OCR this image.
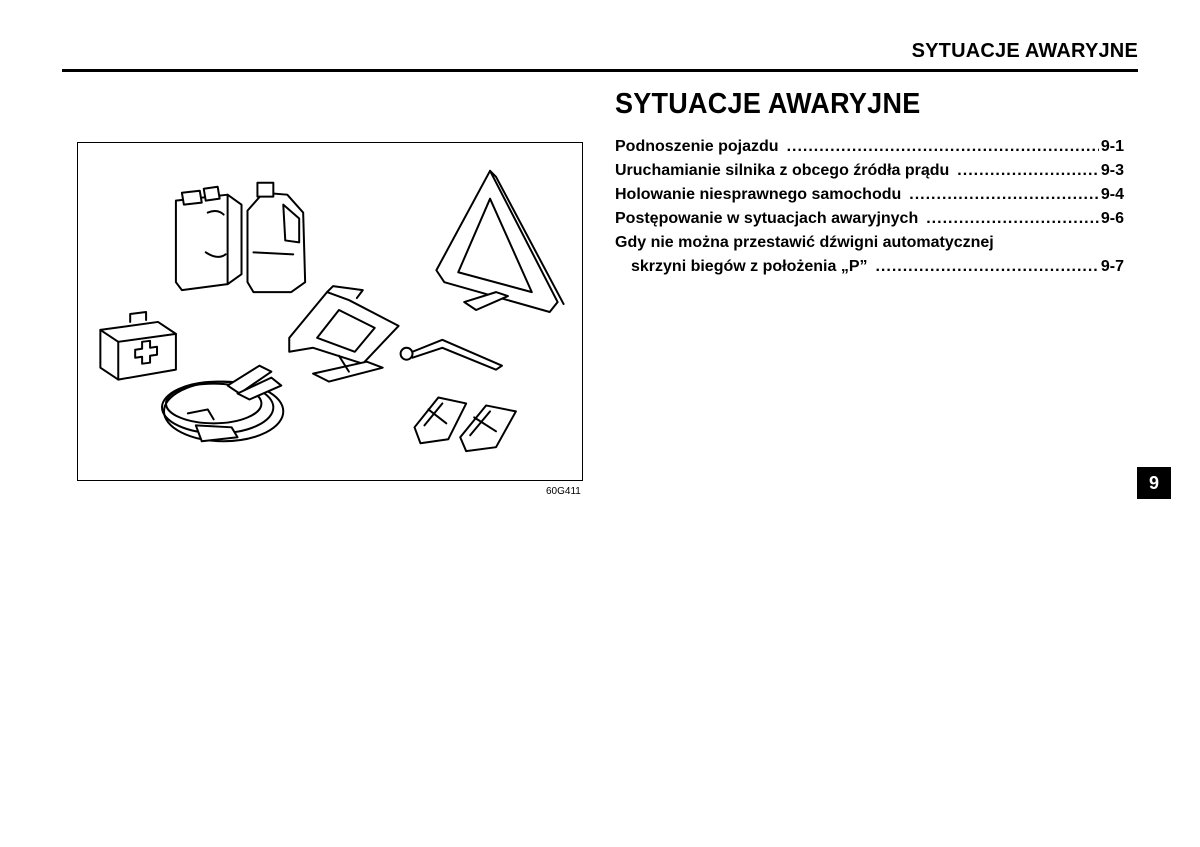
SYTUACJE AWARYJNE
60G411
SYTUACJE AWARYJNE
Podnoszenie pojazdu .....	9-1
Uruchamianie silnika z obcego źródła prądu .....	9-3
Holowanie niesprawnego samochodu .....	9-4
Postępowanie w sytuacjach awaryjnych .....	9-6
Gdy nie można przestawić dźwigni automatycznej
skrzyni biegów z położenia „P” .....	9-7
9
